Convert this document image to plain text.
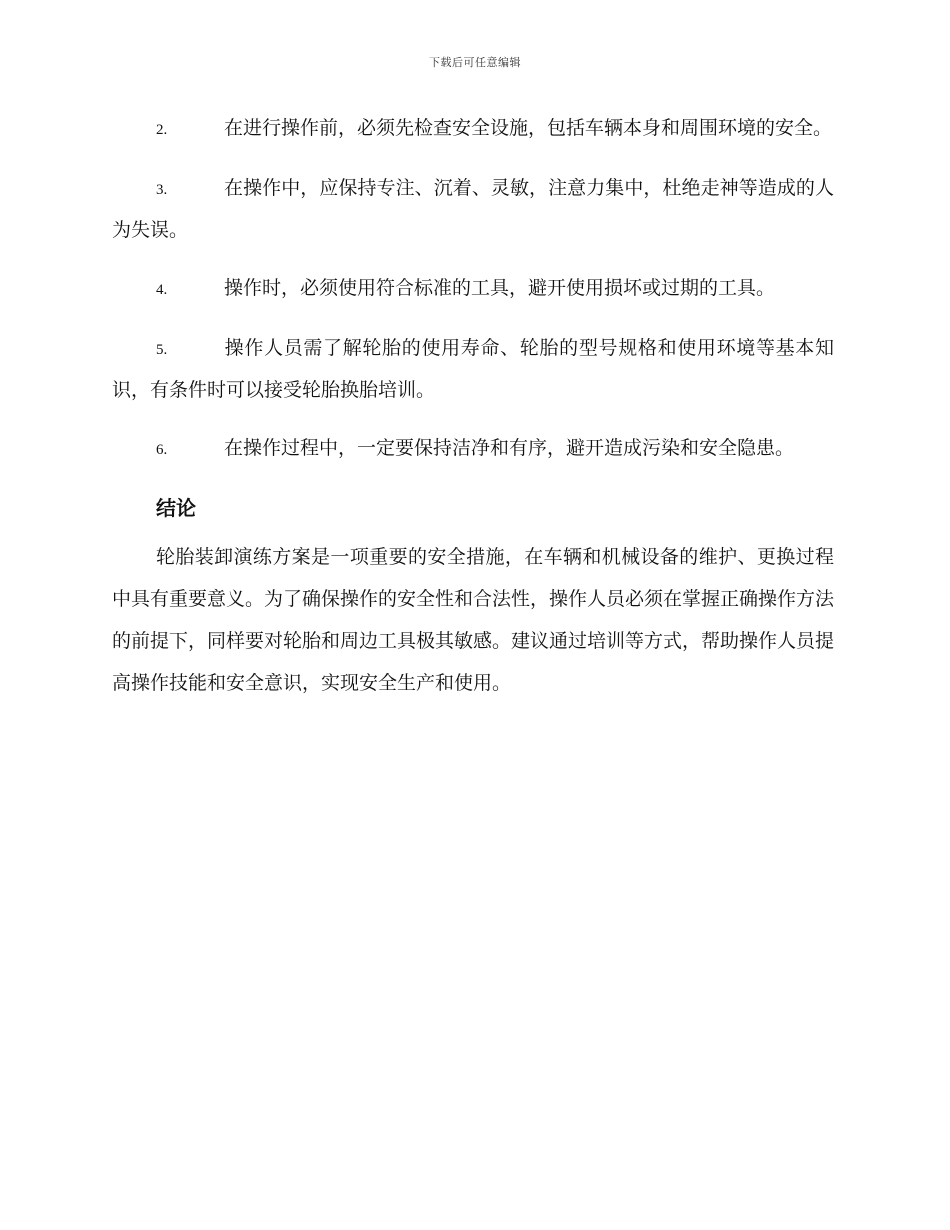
下载后可任意编辑

2.	在进行操作前，必须先检查安全设施，包括车辆本身和周围环境的安全。

3.	在操作中，应保持专注、沉着、灵敏，注意力集中，杜绝走神等造成的人为失误。

4.	操作时，必须使用符合标准的工具，避开使用损坏或过期的工具。

5.	操作人员需了解轮胎的使用寿命、轮胎的型号规格和使用环境等基本知识，有条件时可以接受轮胎换胎培训。

6.	在操作过程中，一定要保持洁净和有序，避开造成污染和安全隐患。

结论

轮胎装卸演练方案是一项重要的安全措施，在车辆和机械设备的维护、更换过程中具有重要意义。为了确保操作的安全性和合法性，操作人员必须在掌握正确操作方法的前提下，同样要对轮胎和周边工具极其敏感。建议通过培训等方式，帮助操作人员提高操作技能和安全意识，实现安全生产和使用。
